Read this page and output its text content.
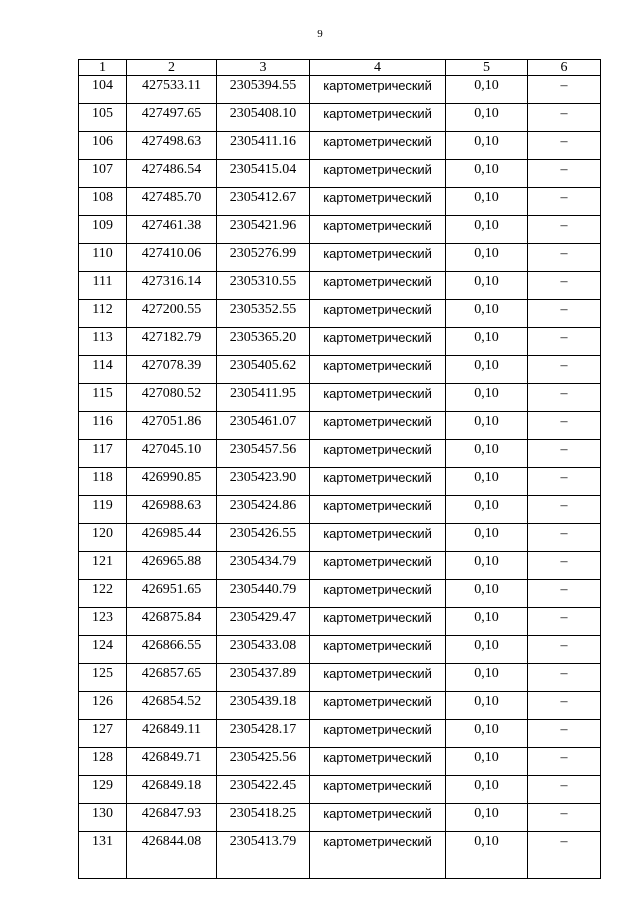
9
1	2	3	4	5	6
104	427533.11	2305394.55	картометрический	0,10	–
105	427497.65	2305408.10	картометрический	0,10	–
106	427498.63	2305411.16	картометрический	0,10	–
107	427486.54	2305415.04	картометрический	0,10	–
108	427485.70	2305412.67	картометрический	0,10	–
109	427461.38	2305421.96	картометрический	0,10	–
110	427410.06	2305276.99	картометрический	0,10	–
111	427316.14	2305310.55	картометрический	0,10	–
112	427200.55	2305352.55	картометрический	0,10	–
113	427182.79	2305365.20	картометрический	0,10	–
114	427078.39	2305405.62	картометрический	0,10	–
115	427080.52	2305411.95	картометрический	0,10	–
116	427051.86	2305461.07	картометрический	0,10	–
117	427045.10	2305457.56	картометрический	0,10	–
118	426990.85	2305423.90	картометрический	0,10	–
119	426988.63	2305424.86	картометрический	0,10	–
120	426985.44	2305426.55	картометрический	0,10	–
121	426965.88	2305434.79	картометрический	0,10	–
122	426951.65	2305440.79	картометрический	0,10	–
123	426875.84	2305429.47	картометрический	0,10	–
124	426866.55	2305433.08	картометрический	0,10	–
125	426857.65	2305437.89	картометрический	0,10	–
126	426854.52	2305439.18	картометрический	0,10	–
127	426849.11	2305428.17	картометрический	0,10	–
128	426849.71	2305425.56	картометрический	0,10	–
129	426849.18	2305422.45	картометрический	0,10	–
130	426847.93	2305418.25	картометрический	0,10	–
131	426844.08	2305413.79	картометрический	0,10	–
